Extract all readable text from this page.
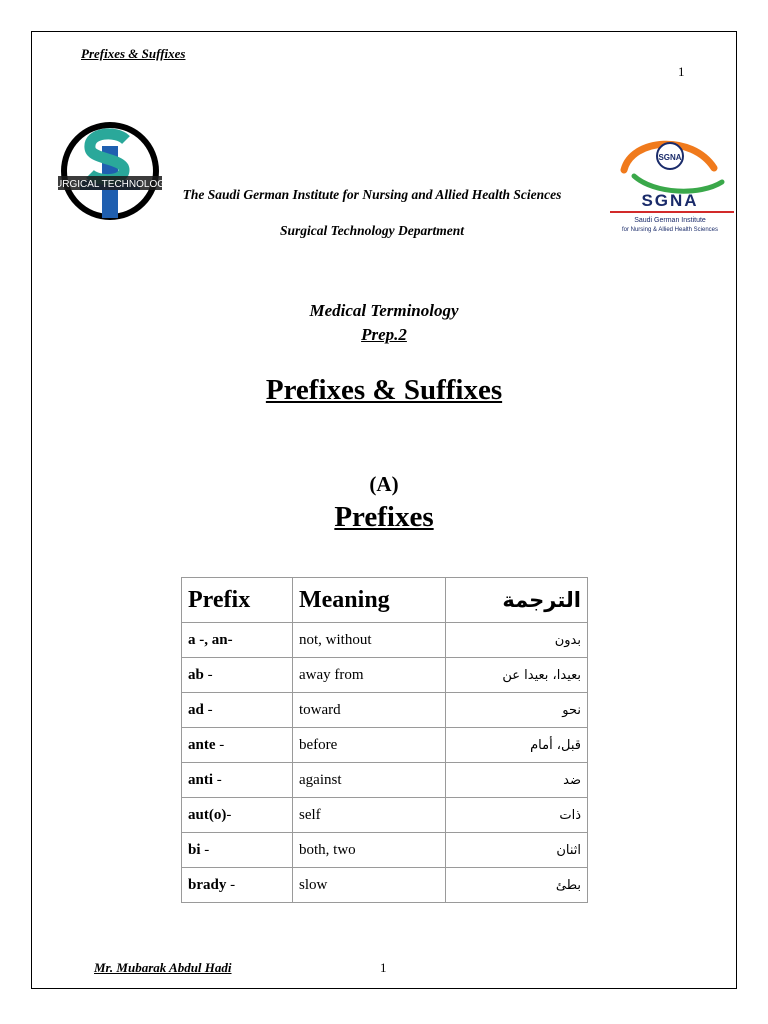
Prefixes & Suffixes
1
SURGICAL TECHNOLOGY
SGNA
SGNA
Saudi German Institute
for Nursing & Allied Health Sciences
The Saudi German Institute for Nursing and Allied Health Sciences
Surgical Technology Department
Medical Terminology
Prep.2
Prefixes & Suffixes
(A)
Prefixes
Prefix	Meaning	الترجمة
a -, an-	not, without	بدون
ab -	away from	بعيدا، بعيدا عن
ad -	toward	نحو
ante -	before	قبل، أمام
anti -	against	ضد
aut(o)-	self	ذات
bi -	both, two	اثنان
brady -	slow	بطئ
Mr. Mubarak Abdul Hadi	1
